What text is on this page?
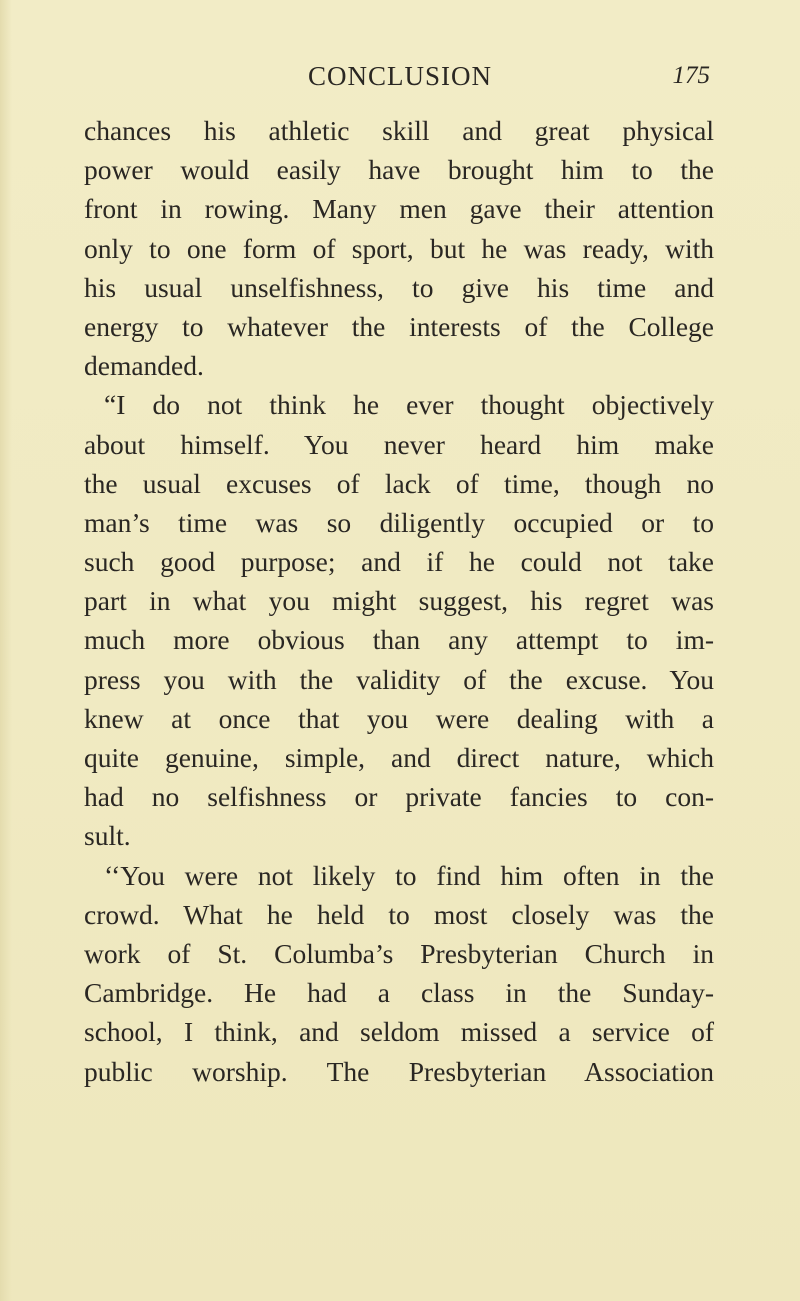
CONCLUSION	175
chances his athletic skill and great physical
power would easily have brought him to the
front in rowing. Many men gave their attention
only to one form of sport, but he was ready, with
his usual unselfishness, to give his time and
energy to whatever the interests of the College
demanded.
“I do not think he ever thought objectively
about himself. You never heard him make
the usual excuses of lack of time, though no
man’s time was so diligently occupied or to
such good purpose; and if he could not take
part in what you might suggest, his regret was
much more obvious than any attempt to im-
press you with the validity of the excuse. You
knew at once that you were dealing with a
quite genuine, simple, and direct nature, which
had no selfishness or private fancies to con-
sult.
‘‘You were not likely to find him often in the
crowd. What he held to most closely was the
work of St. Columba’s Presbyterian Church in
Cambridge. He had a class in the Sunday-
school, I think, and seldom missed a service of
public worship. The Presbyterian Association
